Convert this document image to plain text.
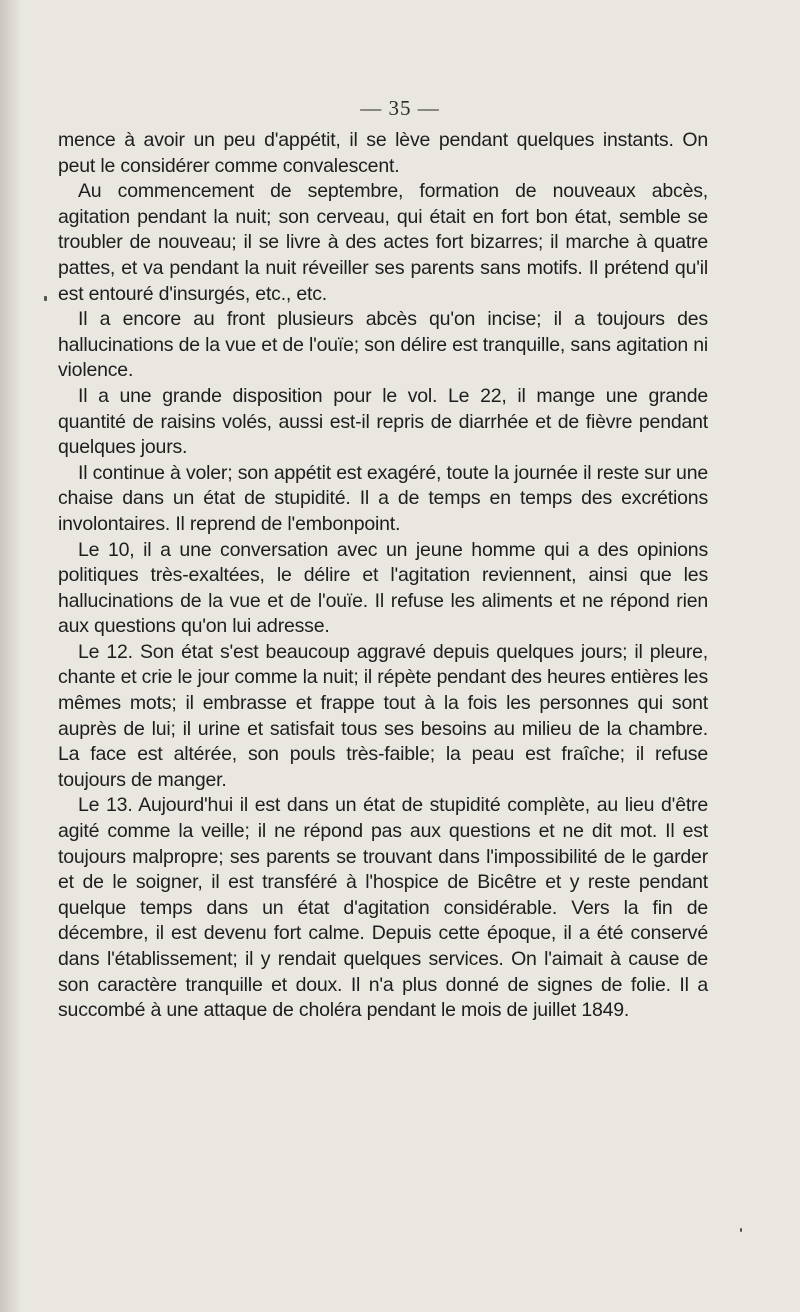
— 35 —

mence à avoir un peu d'appétit, il se lève pendant quelques instants. On peut le considérer comme convalescent.

Au commencement de septembre, formation de nouveaux abcès, agitation pendant la nuit; son cerveau, qui était en fort bon état, semble se troubler de nouveau; il se livre à des actes fort bizarres; il marche à quatre pattes, et va pendant la nuit réveiller ses parents sans motifs. Il prétend qu'il est entouré d'insurgés, etc., etc.

Il a encore au front plusieurs abcès qu'on incise; il a toujours des hallucinations de la vue et de l'ouïe; son délire est tranquille, sans agitation ni violence.

Il a une grande disposition pour le vol. Le 22, il mange une grande quantité de raisins volés, aussi est-il repris de diarrhée et de fièvre pendant quelques jours.

Il continue à voler; son appétit est exagéré, toute la journée il reste sur une chaise dans un état de stupidité. Il a de temps en temps des excrétions involontaires. Il reprend de l'embonpoint.

Le 10, il a une conversation avec un jeune homme qui a des opinions politiques très-exaltées, le délire et l'agitation reviennent, ainsi que les hallucinations de la vue et de l'ouïe. Il refuse les aliments et ne répond rien aux questions qu'on lui adresse.

Le 12. Son état s'est beaucoup aggravé depuis quelques jours; il pleure, chante et crie le jour comme la nuit; il répète pendant des heures entières les mêmes mots; il embrasse et frappe tout à la fois les personnes qui sont auprès de lui; il urine et satisfait tous ses besoins au milieu de la chambre. La face est altérée, son pouls très-faible; la peau est fraîche; il refuse toujours de manger.

Le 13. Aujourd'hui il est dans un état de stupidité complète, au lieu d'être agité comme la veille; il ne répond pas aux questions et ne dit mot. Il est toujours malpropre; ses parents se trouvant dans l'impossibilité de le garder et de le soigner, il est transféré à l'hospice de Bicêtre et y reste pendant quelque temps dans un état d'agitation considérable. Vers la fin de décembre, il est devenu fort calme. Depuis cette époque, il a été conservé dans l'établissement; il y rendait quelques services. On l'aimait à cause de son caractère tranquille et doux. Il n'a plus donné de signes de folie. Il a succombé à une attaque de choléra pendant le mois de juillet 1849.
